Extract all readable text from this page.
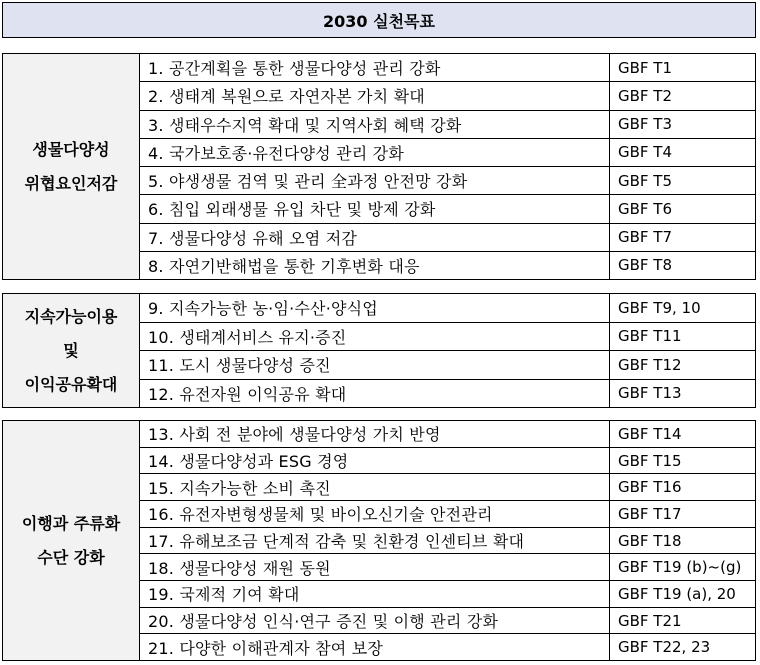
2030 실천목표
생물다양성
위협요인저감
1. 공간계획을 통한 생물다양성 관리 강화	GBF T1
2. 생태계 복원으로 자연자본 가치 확대	GBF T2
3. 생태우수지역 확대 및 지역사회 혜택 강화	GBF T3
4. 국가보호종·유전다양성 관리 강화	GBF T4
5. 야생생물 검역 및 관리 全과정 안전망 강화	GBF T5
6. 침입 외래생물 유입 차단 및 방제 강화	GBF T6
7. 생물다양성 유해 오염 저감	GBF T7
8. 자연기반해법을 통한 기후변화 대응	GBF T8
지속가능이용
및
이익공유확대
9. 지속가능한 농·임·수산·양식업	GBF T9, 10
10. 생태계서비스 유지·증진	GBF T11
11. 도시 생물다양성 증진	GBF T12
12. 유전자원 이익공유 확대	GBF T13
이행과 주류화
수단 강화
13. 사회 전 분야에 생물다양성 가치 반영	GBF T14
14. 생물다양성과 ESG 경영	GBF T15
15. 지속가능한 소비 촉진	GBF T16
16. 유전자변형생물체 및 바이오신기술 안전관리	GBF T17
17. 유해보조금 단계적 감축 및 친환경 인센티브 확대	GBF T18
18. 생물다양성 재원 동원	GBF T19 (b)~(g)
19. 국제적 기여 확대	GBF T19 (a), 20
20. 생물다양성 인식·연구 증진 및 이행 관리 강화	GBF T21
21. 다양한 이해관계자 참여 보장	GBF T22, 23
